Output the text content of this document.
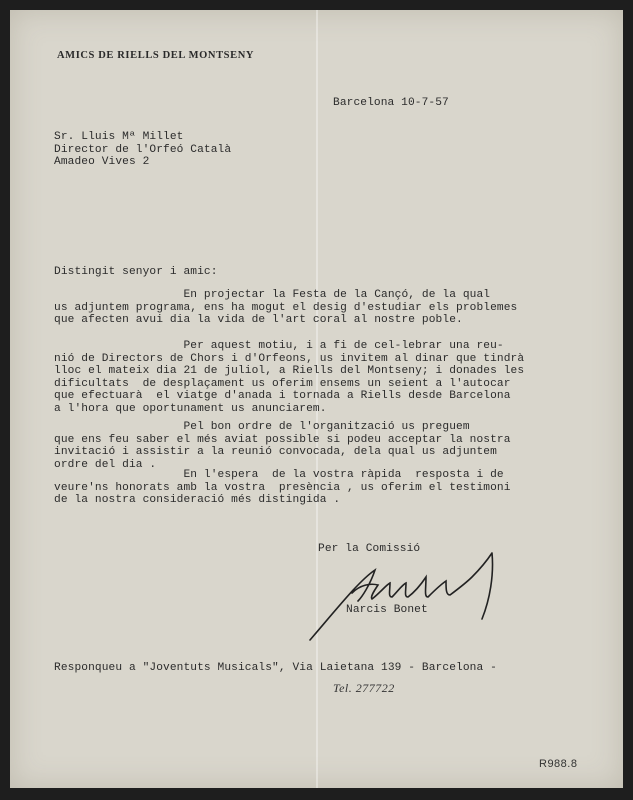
AMICS DE RIELLS DEL MONTSENY
Barcelona 10-7-57
Sr. Lluis Mª Millet
Director de l'Orfeó Català
Amadeo Vives 2
Distingit senyor i amic:
En projectar la Festa de la Cançó, de la qual
us adjuntem programa, ens ha mogut el desig d'estudiar els problemes
que afecten avui dia la vida de l'art coral al nostre poble.
Per aquest motiu, i a fi de cel-lebrar una reu-
nió de Directors de Chors i d'Orfeons, us invitem al dinar que tindrà
lloc el mateix dia 21 de juliol, a Riells del Montseny; i donades les
dificultats  de desplaçament us oferim ensems un seient a l'autocar
que efectuarà  el viatge d'anada i tornada a Riells desde Barcelona
a l'hora que oportunament us anunciarem.
Pel bon ordre de l'organització us preguem
que ens feu saber el més aviat possible si podeu acceptar la nostra
invitació i assistir a la reunió convocada, dela qual us adjuntem
ordre del dia .
En l'espera  de la vostra ràpida  resposta i de
veure'ns honorats amb la vostra  presència , us oferim el testimoni
de la nostra consideració més distingida .
Per la Comissió
Narcis Bonet
Responqueu a "Joventuts Musicals", Via Laietana 139 - Barcelona -
Tel. 277722
R988.8
